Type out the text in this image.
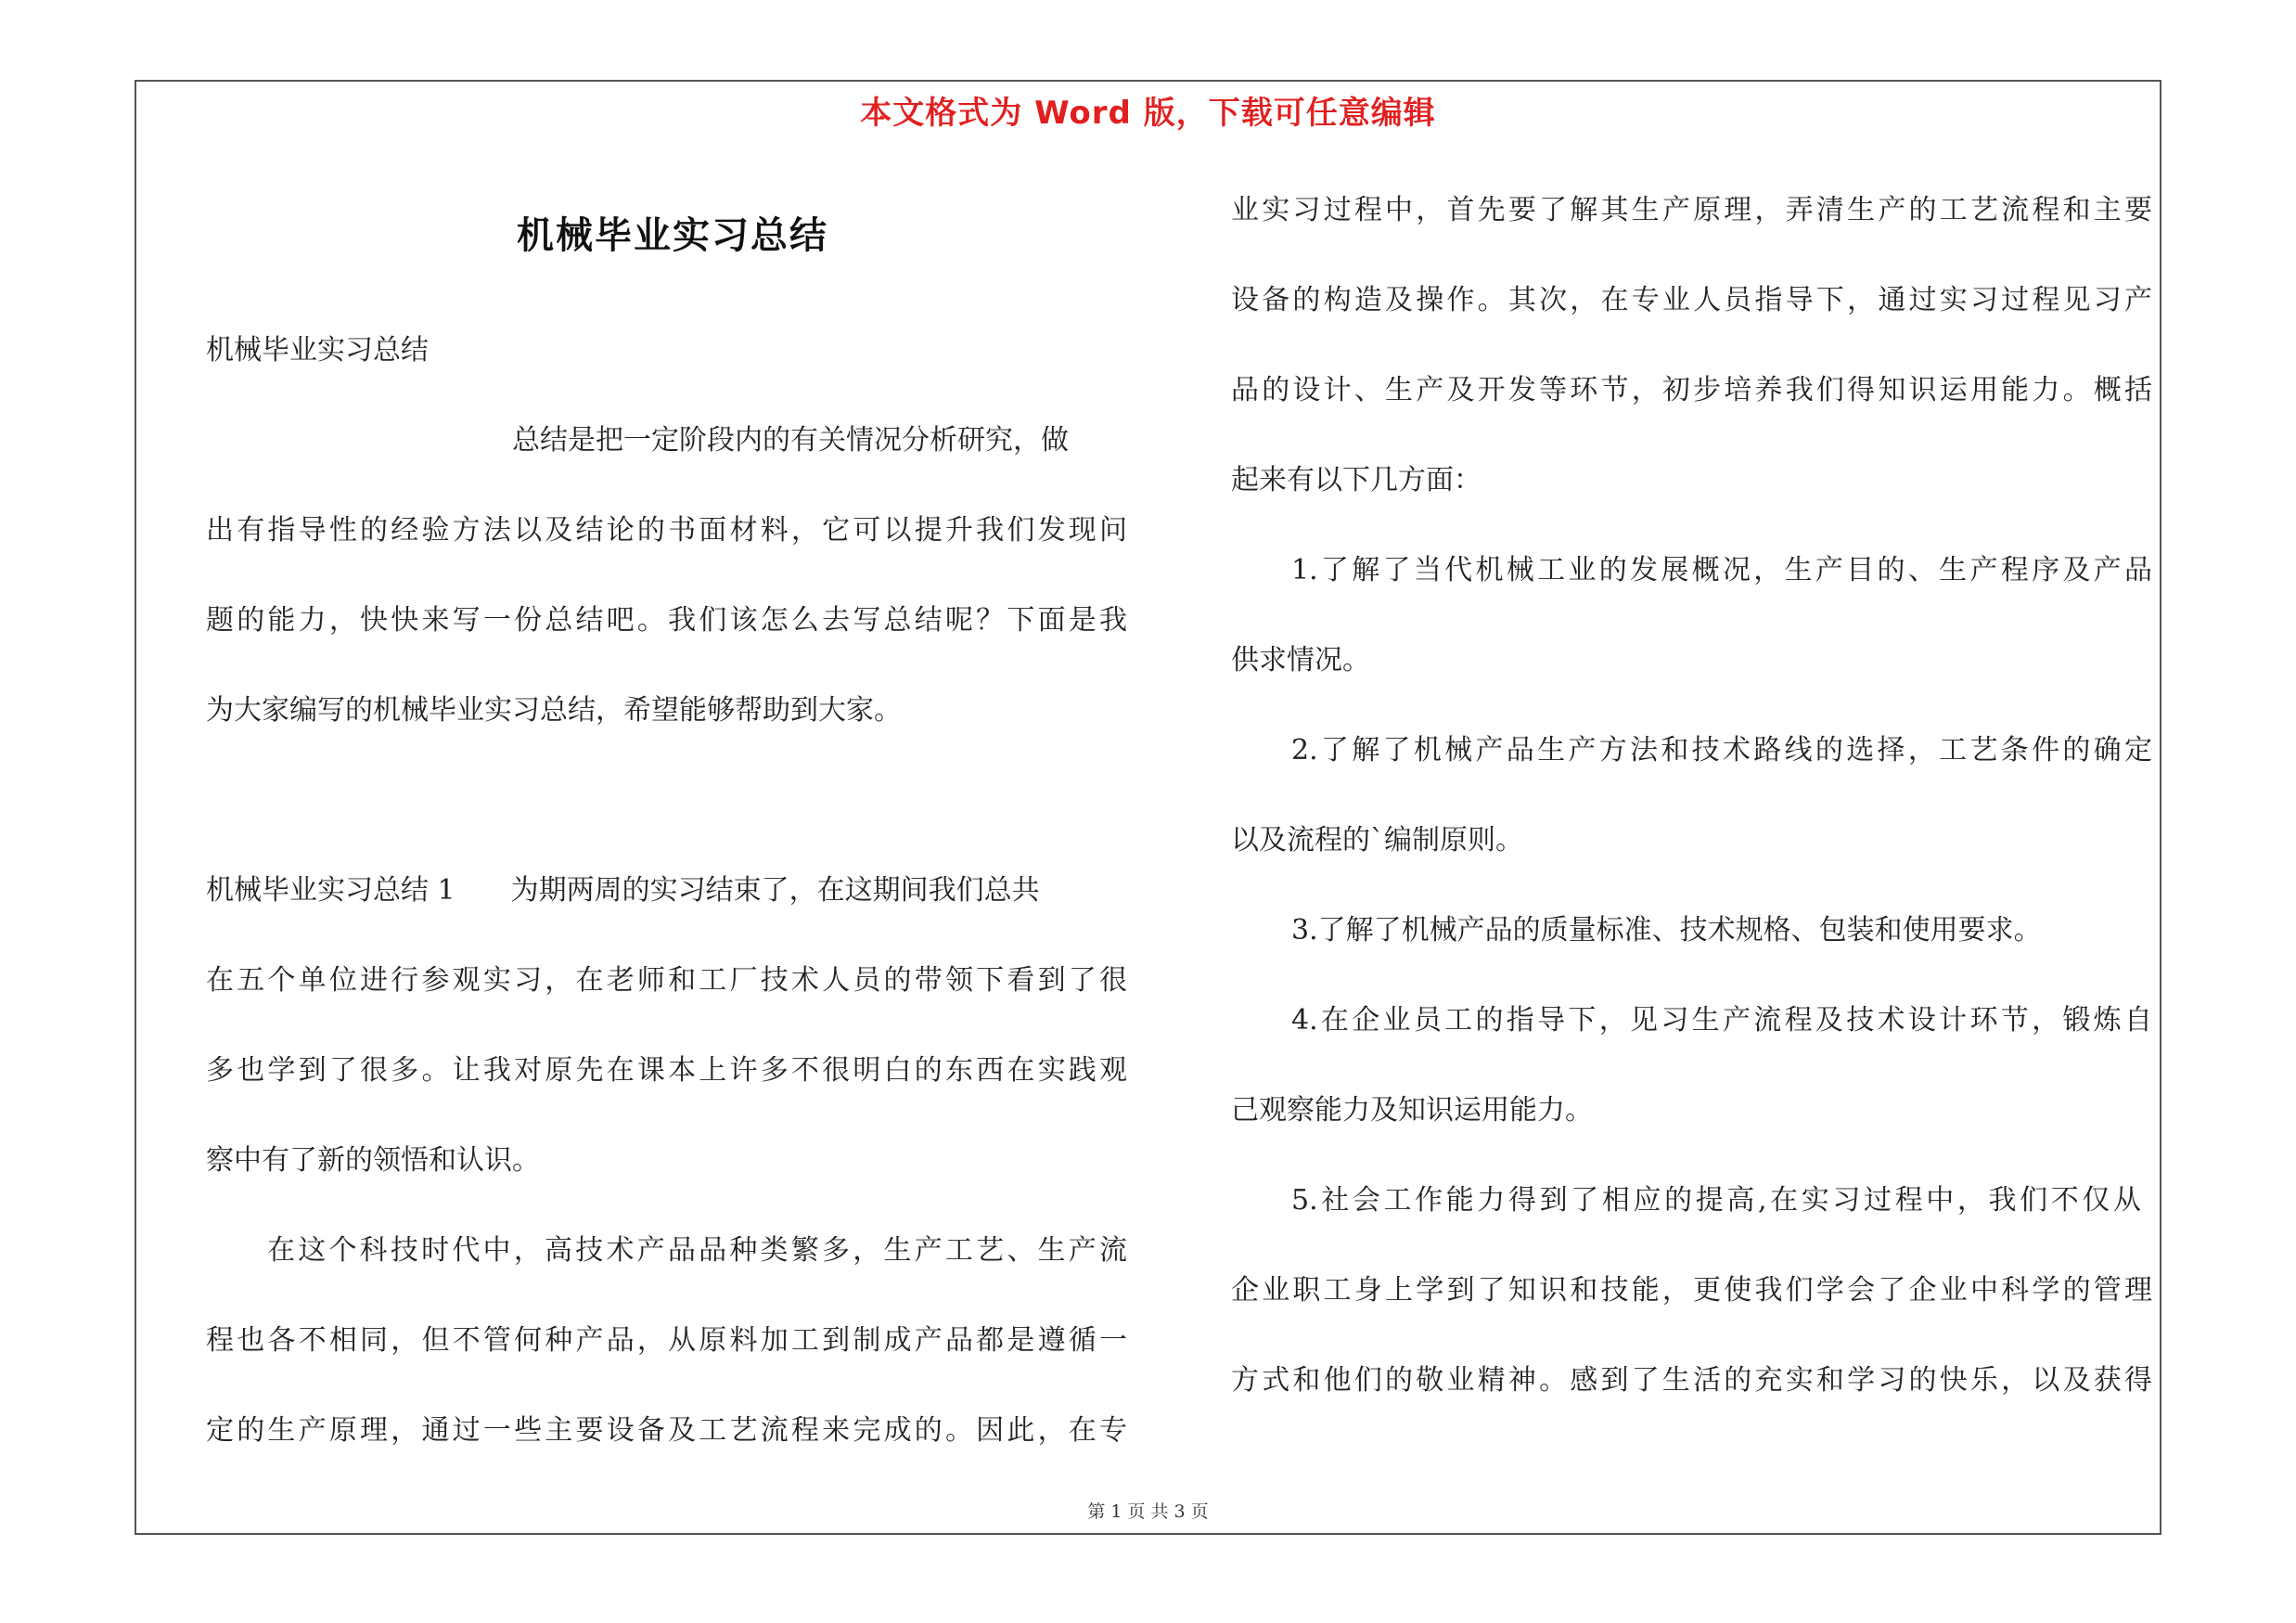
本文格式为 Word 版，下载可任意编辑
机械毕业实习总结
机械毕业实习总结
总结是把一定阶段内的有关情况分析研究，做
出有指导性的经验方法以及结论的书面材料，它可以提升我们发现问
题的能力，快快来写一份总结吧。我们该怎么去写总结呢？下面是我
为大家编写的机械毕业实习总结，希望能够帮助到大家。
机械毕业实习总结 1　　为期两周的实习结束了，在这期间我们总共
在五个单位进行参观实习，在老师和工厂技术人员的带领下看到了很
多也学到了很多。让我对原先在课本上许多不很明白的东西在实践观
察中有了新的领悟和认识。
在这个科技时代中，高技术产品品种类繁多，生产工艺、生产流
程也各不相同，但不管何种产品，从原料加工到制成产品都是遵循一
定的生产原理，通过一些主要设备及工艺流程来完成的。因此，在专
业实习过程中，首先要了解其生产原理，弄清生产的工艺流程和主要
设备的构造及操作。其次，在专业人员指导下，通过实习过程见习产
品的设计、生产及开发等环节，初步培养我们得知识运用能力。概括
起来有以下几方面：
1.了解了当代机械工业的发展概况，生产目的、生产程序及产品
供求情况。
2.了解了机械产品生产方法和技术路线的选择，工艺条件的确定
以及流程的`编制原则。
3.了解了机械产品的质量标准、技术规格、包装和使用要求。
4.在企业员工的指导下，见习生产流程及技术设计环节，锻炼自
己观察能力及知识运用能力。
5.社会工作能力得到了相应的提高,在实习过程中，我们不仅从
企业职工身上学到了知识和技能，更使我们学会了企业中科学的管理
方式和他们的敬业精神。感到了生活的充实和学习的快乐，以及获得
第 1 页 共 3 页
